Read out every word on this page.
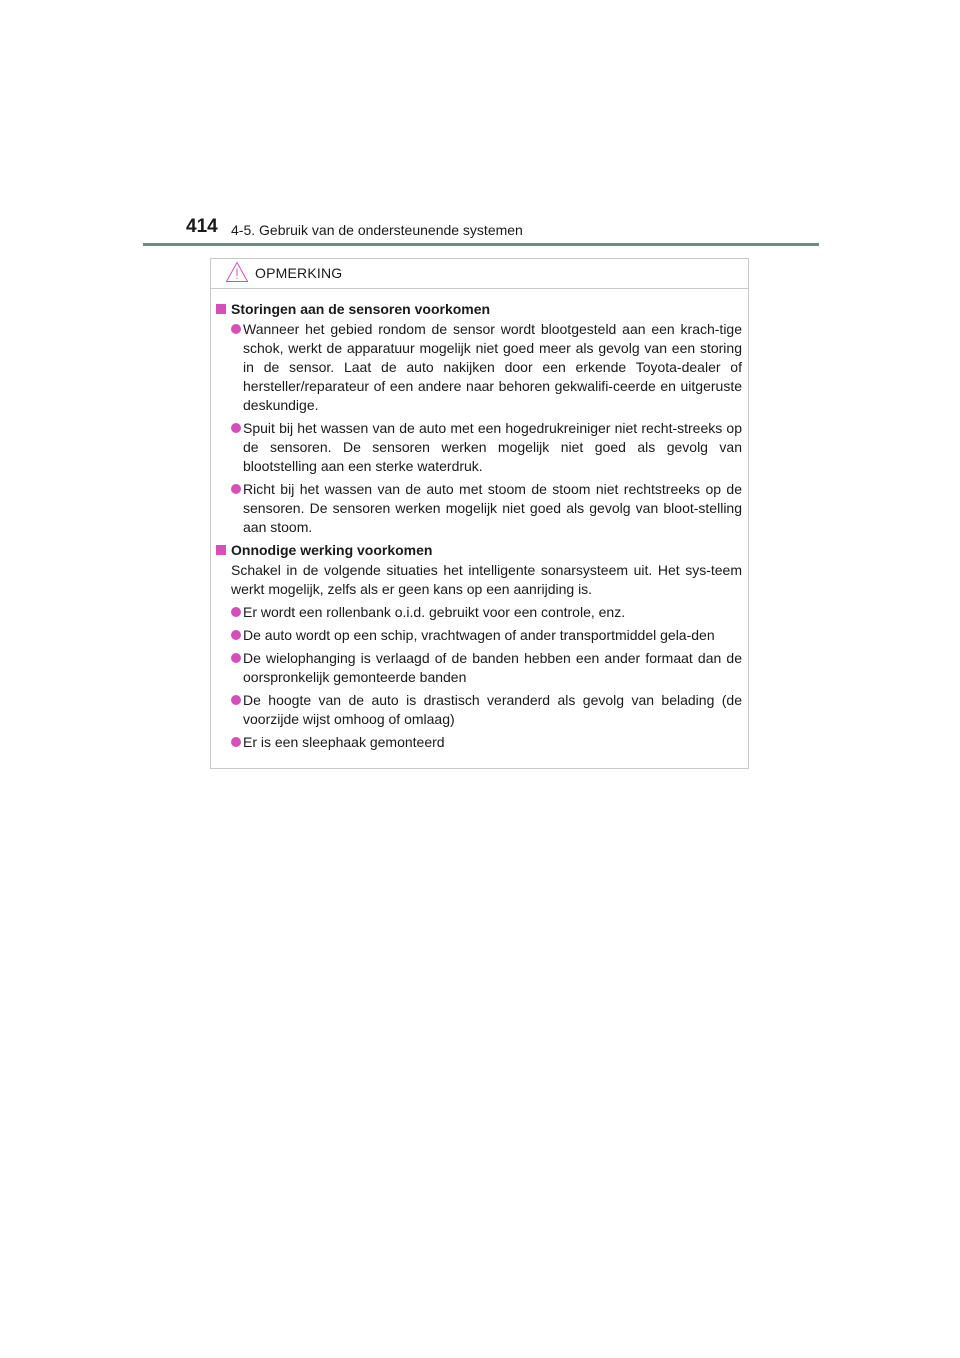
414 4-5. Gebruik van de ondersteunende systemen
OPMERKING
Storingen aan de sensoren voorkomen
Wanneer het gebied rondom de sensor wordt blootgesteld aan een krach-tige schok, werkt de apparatuur mogelijk niet goed meer als gevolg van een storing in de sensor. Laat de auto nakijken door een erkende Toyota-dealer of hersteller/reparateur of een andere naar behoren gekwalifi-ceerde en uitgeruste deskundige.
Spuit bij het wassen van de auto met een hogedrukreiniger niet recht-streeks op de sensoren. De sensoren werken mogelijk niet goed als gevolg van blootstelling aan een sterke waterdruk.
Richt bij het wassen van de auto met stoom de stoom niet rechtstreeks op de sensoren. De sensoren werken mogelijk niet goed als gevolg van bloot-stelling aan stoom.
Onnodige werking voorkomen
Schakel in de volgende situaties het intelligente sonarsysteem uit. Het sys-teem werkt mogelijk, zelfs als er geen kans op een aanrijding is.
Er wordt een rollenbank o.i.d. gebruikt voor een controle, enz.
De auto wordt op een schip, vrachtwagen of ander transportmiddel gela-den
De wielophanging is verlaagd of de banden hebben een ander formaat dan de oorspronkelijk gemonteerde banden
De hoogte van de auto is drastisch veranderd als gevolg van belading (de voorzijde wijst omhoog of omlaag)
Er is een sleephaak gemonteerd
